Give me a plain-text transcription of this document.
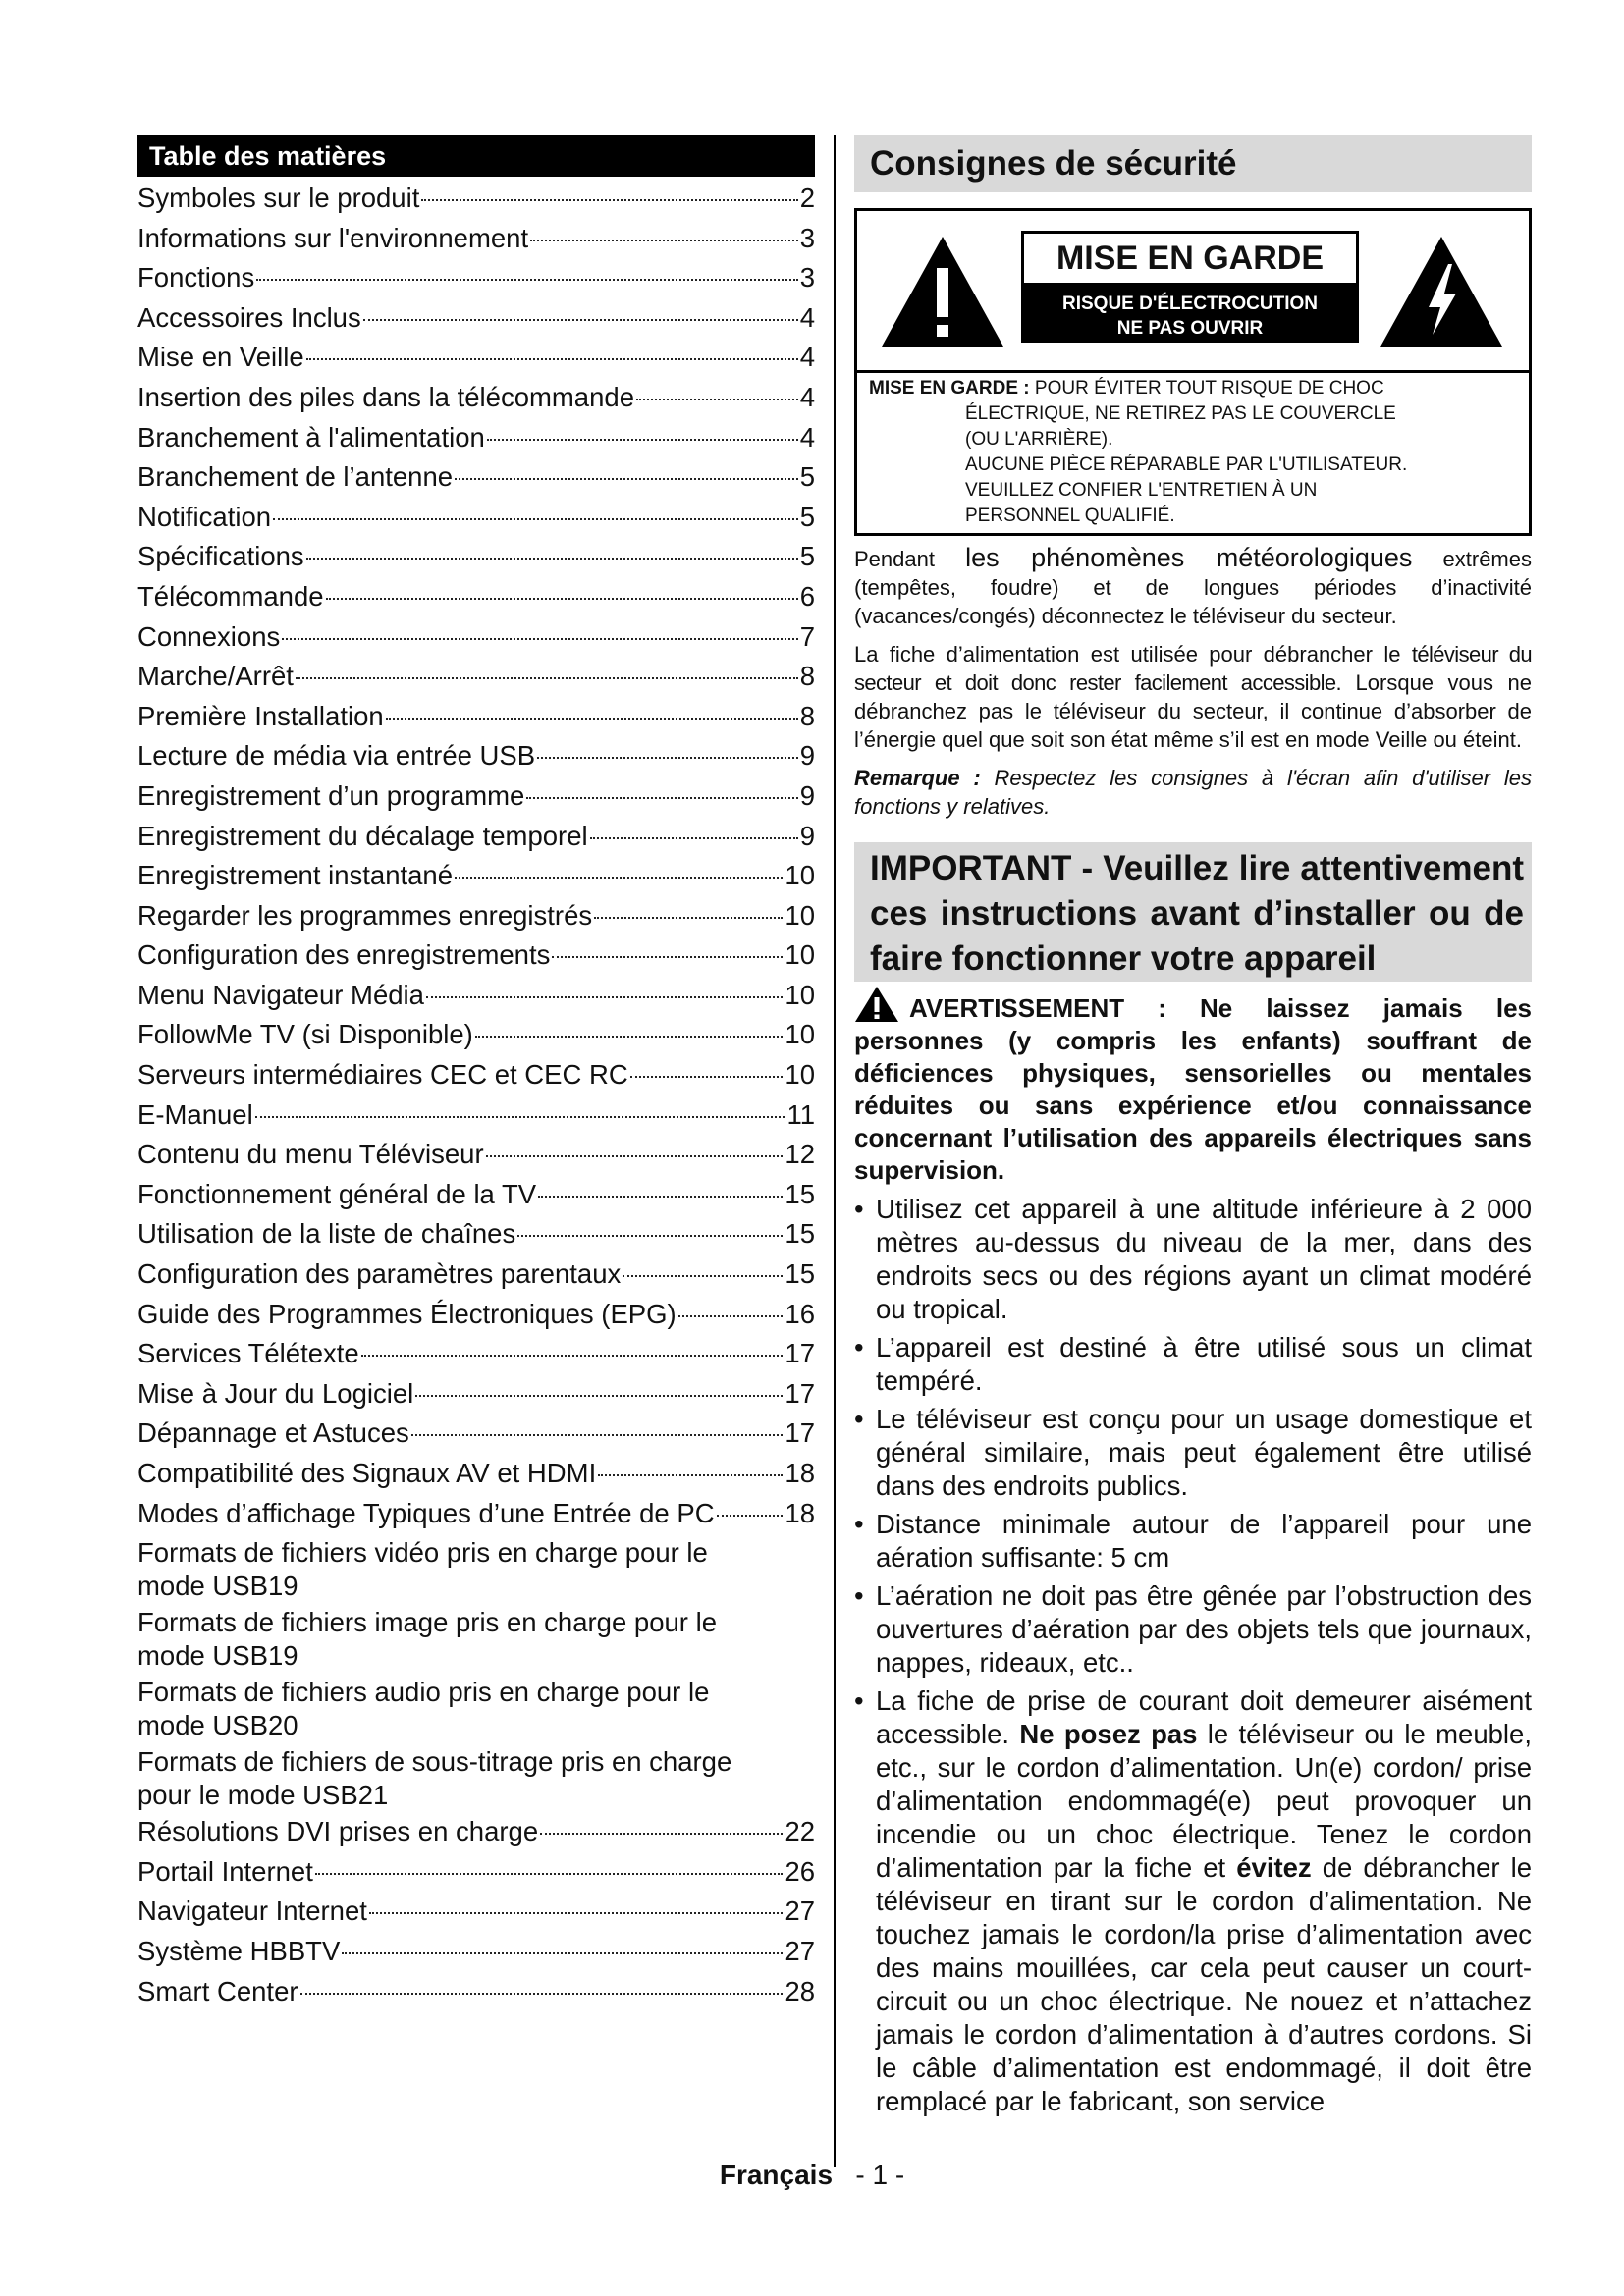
Table des matières
Symboles sur le produit	2
Informations sur l'environnement	3
Fonctions	3
Accessoires Inclus	4
Mise en Veille	4
Insertion des piles dans la télécommande	4
Branchement à l'alimentation	4
Branchement de l’antenne	5
Notification	5
Spécifications	5
Télécommande	6
Connexions	7
Marche/Arrêt	8
Première Installation	8
Lecture de média via entrée USB	9
Enregistrement d’un programme	9
Enregistrement du décalage temporel	9
Enregistrement instantané	10
Regarder les programmes enregistrés	10
Configuration des enregistrements	10
Menu Navigateur Média	10
FollowMe TV (si Disponible)	10
Serveurs intermédiaires CEC et CEC RC	10
E-Manuel	11
Contenu du menu Téléviseur	12
Fonctionnement général de la TV	15
Utilisation de la liste de chaînes	15
Configuration des paramètres parentaux	15
Guide des Programmes Électroniques (EPG)	16
Services Télétexte	17
Mise à Jour du Logiciel	17
Dépannage et Astuces	17
Compatibilité des Signaux AV et HDMI	18
Modes d’affichage Typiques d’une Entrée de PC	18
Formats de fichiers vidéo pris en charge pour le
mode USB 19
Formats de fichiers image pris en charge pour le
mode USB 19
Formats de fichiers audio pris en charge pour le
mode USB 20
Formats de fichiers de sous-titrage pris en charge
pour le mode USB 21
Résolutions DVI prises en charge	22
Portail Internet	26
Navigateur Internet	27
Système HBBTV	27
Smart Center	28
Consignes de sécurité
MISE EN GARDE
RISQUE D'ÉLECTROCUTION
NE PAS OUVRIR
MISE EN GARDE : POUR ÉVITER TOUT RISQUE DE CHOC
ÉLECTRIQUE, NE RETIREZ PAS LE COUVERCLE
(OU L'ARRIÈRE).
AUCUNE PIÈCE RÉPARABLE PAR L'UTILISATEUR.
VEUILLEZ CONFIER L'ENTRETIEN À UN
PERSONNEL QUALIFIÉ.

Pendant les phénomènes météorologiques extrêmes (tempêtes, foudre) et de longues périodes d’inactivité (vacances/congés) déconnectez le téléviseur du secteur.

La fiche d’alimentation est utilisée pour débrancher le téléviseur du secteur et doit donc rester facilement accessible. Lorsque vous ne débranchez pas le téléviseur du secteur, il continue d’absorber de l’énergie quel que soit son état même s’il est en mode Veille ou éteint.

Remarque : Respectez les consignes à l'écran afin d'utiliser les fonctions y relatives.

IMPORTANT - Veuillez lire attentivement ces instructions avant d’installer ou de faire fonctionner votre appareil
AVERTISSEMENT : Ne laissez jamais les personnes (y compris les enfants) souffrant de déficiences physiques, sensorielles ou mentales réduites ou sans expérience et/ou connaissance concernant l’utilisation des appareils électriques sans supervision.
• Utilisez cet appareil à une altitude inférieure à 2 000 mètres au-dessus du niveau de la mer, dans des endroits secs ou des régions ayant un climat modéré ou tropical.
• L’appareil est destiné à être utilisé sous un climat tempéré.
• Le téléviseur est conçu pour un usage domestique et général similaire, mais peut également être utilisé dans des endroits publics.
• Distance minimale autour de l’appareil pour une aération suffisante: 5 cm
• L’aération ne doit pas être gênée par l’obstruction des ouvertures d’aération par des objets tels que journaux, nappes, rideaux, etc..
• La fiche de prise de courant doit demeurer aisément accessible. Ne posez pas le téléviseur ou le meuble, etc., sur le cordon d’alimentation. Un(e) cordon/ prise d’alimentation endommagé(e) peut provoquer un incendie ou un choc électrique. Tenez le cordon d’alimentation par la fiche et évitez de débrancher le téléviseur en tirant sur le cordon d’alimentation. Ne touchez jamais le cordon/la prise d’alimentation avec des mains mouillées, car cela peut causer un court-circuit ou un choc électrique. Ne nouez et n’attachez jamais le cordon d’alimentation à d’autres cordons. Si le câble d’alimentation est endommagé, il doit être remplacé par le fabricant, son service
Français - 1 -
